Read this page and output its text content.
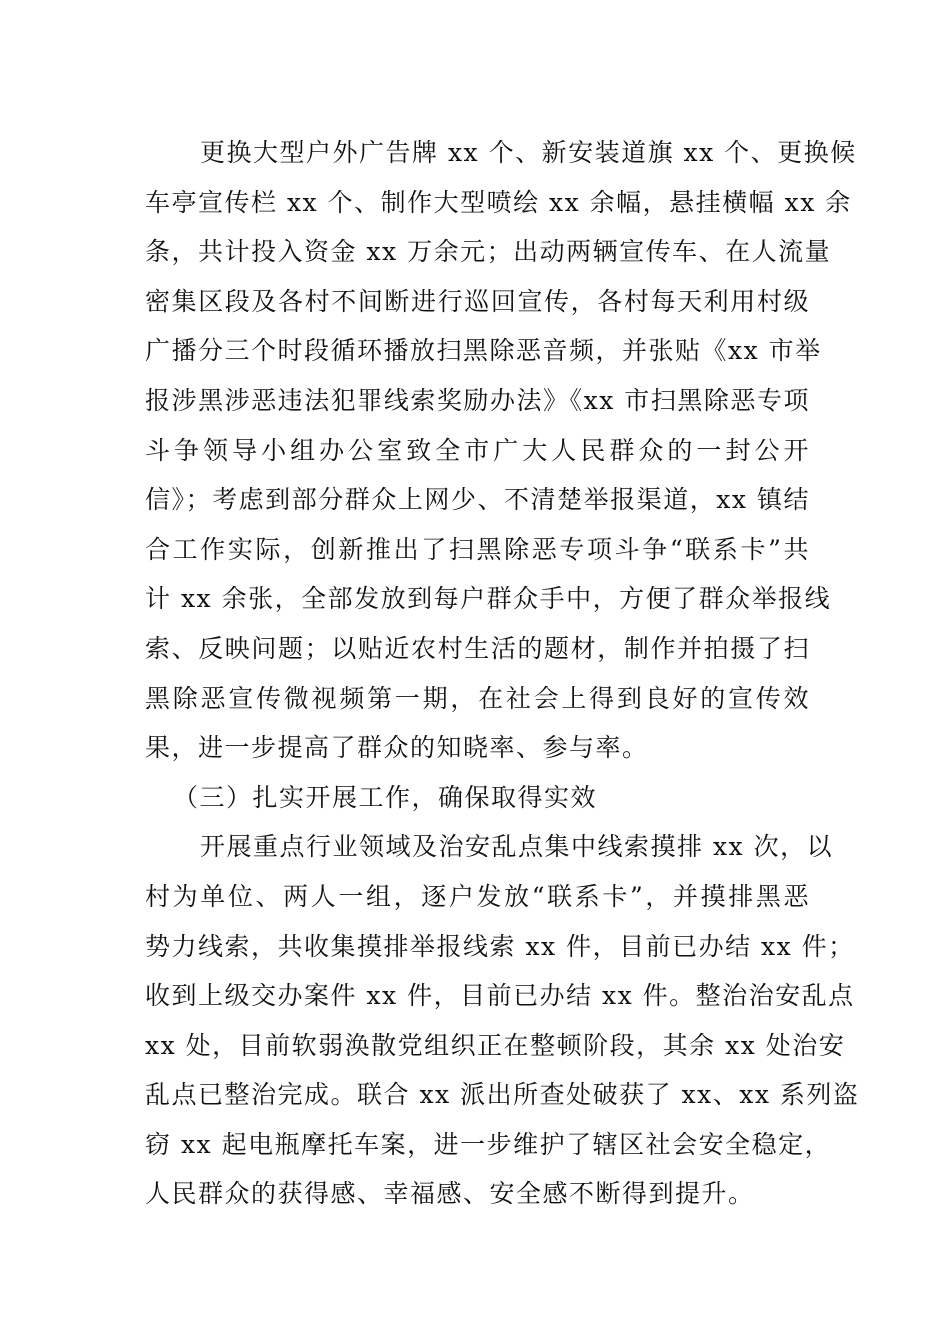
更换大型户外广告牌 xx 个、新安装道旗 xx 个、更换候
车亭宣传栏 xx 个、制作大型喷绘 xx 余幅，悬挂横幅 xx 余
条，共计投入资金 xx 万余元；出动两辆宣传车、在人流量
密集区段及各村不间断进行巡回宣传，各村每天利用村级
广播分三个时段循环播放扫黑除恶音频，并张贴《xx 市举
报涉黑涉恶违法犯罪线索奖励办法》《xx 市扫黑除恶专项
斗争领导小组办公室致全市广大人民群众的一封公开
信》；考虑到部分群众上网少、不清楚举报渠道，xx 镇结
合工作实际，创新推出了扫黑除恶专项斗争“联系卡”共
计 xx 余张，全部发放到每户群众手中，方便了群众举报线
索、反映问题；以贴近农村生活的题材，制作并拍摄了扫
黑除恶宣传微视频第一期，在社会上得到良好的宣传效
果，进一步提高了群众的知晓率、参与率。
（三）扎实开展工作，确保取得实效
开展重点行业领域及治安乱点集中线索摸排 xx 次，以
村为单位、两人一组，逐户发放“联系卡”，并摸排黑恶
势力线索，共收集摸排举报线索 xx 件，目前已办结 xx 件；
收到上级交办案件 xx 件，目前已办结 xx 件。整治治安乱点
xx 处，目前软弱涣散党组织正在整顿阶段，其余 xx 处治安
乱点已整治完成。联合 xx 派出所查处破获了 xx、xx 系列盗
窃 xx 起电瓶摩托车案，进一步维护了辖区社会安全稳定，
人民群众的获得感、幸福感、安全感不断得到提升。
